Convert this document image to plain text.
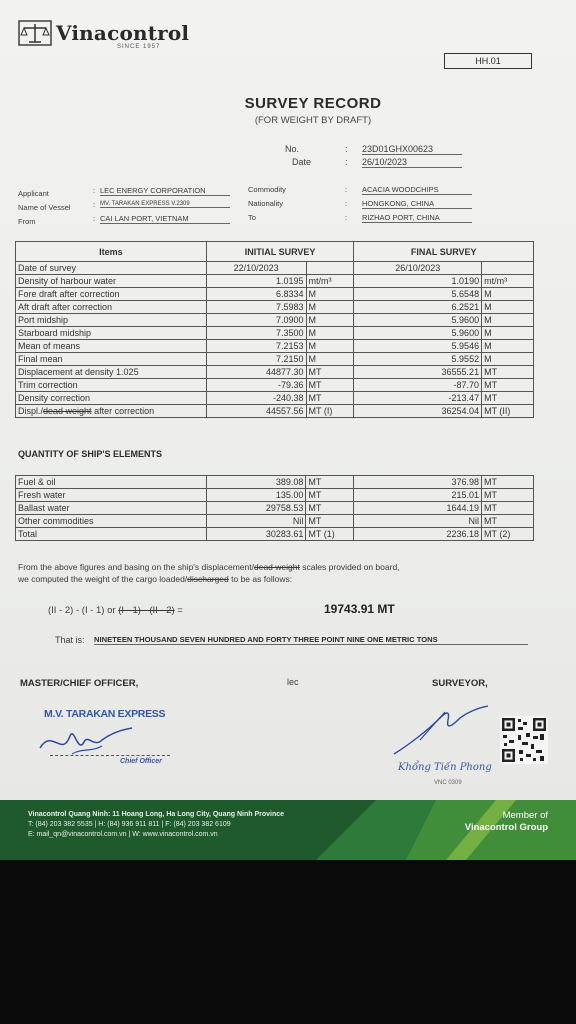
Vinacontrol
SINCE 1957
HH.01
SURVEY RECORD
(FOR WEIGHT BY DRAFT)
No.	: 23D01GHX00623
Date	: 26/10/2023
Applicant	: LEC ENERGY CORPORATION
Name of Vessel	: MV. TARAKAN EXPRESS V.2309
From	: CAI LAN PORT, VIETNAM
Commodity	: ACACIA WOODCHIPS
Nationality	: HONGKONG, CHINA
To	: RIZHAO PORT, CHINA
Items	INITIAL SURVEY		FINAL SURVEY	
Date of survey	22/10/2023		26/10/2023	
Density of harbour water	1.0195	mt/m³	1.0190	mt/m³
Fore draft after correction	6.8334	M	5.6548	M
Aft draft after correction	7.5983	M	6.2521	M
Port midship	7.0900	M	5.9600	M
Starboard midship	7.3500	M	5.9600	M
Mean of means	7.2153	M	5.9546	M
Final mean	7.2150	M	5.9552	M
Displacement at density 1.025	44877.30	MT	36555.21	MT
Trim correction	-79.36	MT	-87.70	MT
Density correction	-240.38	MT	-213.47	MT
Displ./dead weight after correction	44557.56	MT (I)	36254.04	MT (II)
QUANTITY OF SHIP'S ELEMENTS
Fuel & oil	389.08	MT	376.98	MT
Fresh water	135.00	MT	215.01	MT
Ballast water	29758.53	MT	1644.19	MT
Other commodities	Nil	MT	Nil	MT
Total	30283.61	MT (1)	2236.18	MT (2)
From the above figures and basing on the ship's displacement/dead weight scales provided on board,
we computed the weight of the cargo loaded/discharged to be as follows:
(II - 2) - (I - 1) or (I - 1) - (II - 2) =	19743.91 MT
That is: NINETEEN THOUSAND SEVEN HUNDRED AND FORTY THREE POINT NINE ONE METRIC TONS
MASTER/CHIEF OFFICER,	lec	SURVEYOR,
M.V. TARAKAN EXPRESS
Chief Officer
Khổng Tiến Phong
VNC 0309
Vinacontrol Quang Ninh: 11 Hoang Long, Ha Long City, Quang Ninh Province
T: (84) 203 382 5535 | H: (84) 936 911 811 | F: (84) 203 382 6109
E: mail_qn@vinacontrol.com.vn | W: www.vinacontrol.com.vn
Member of
Vinacontrol Group
